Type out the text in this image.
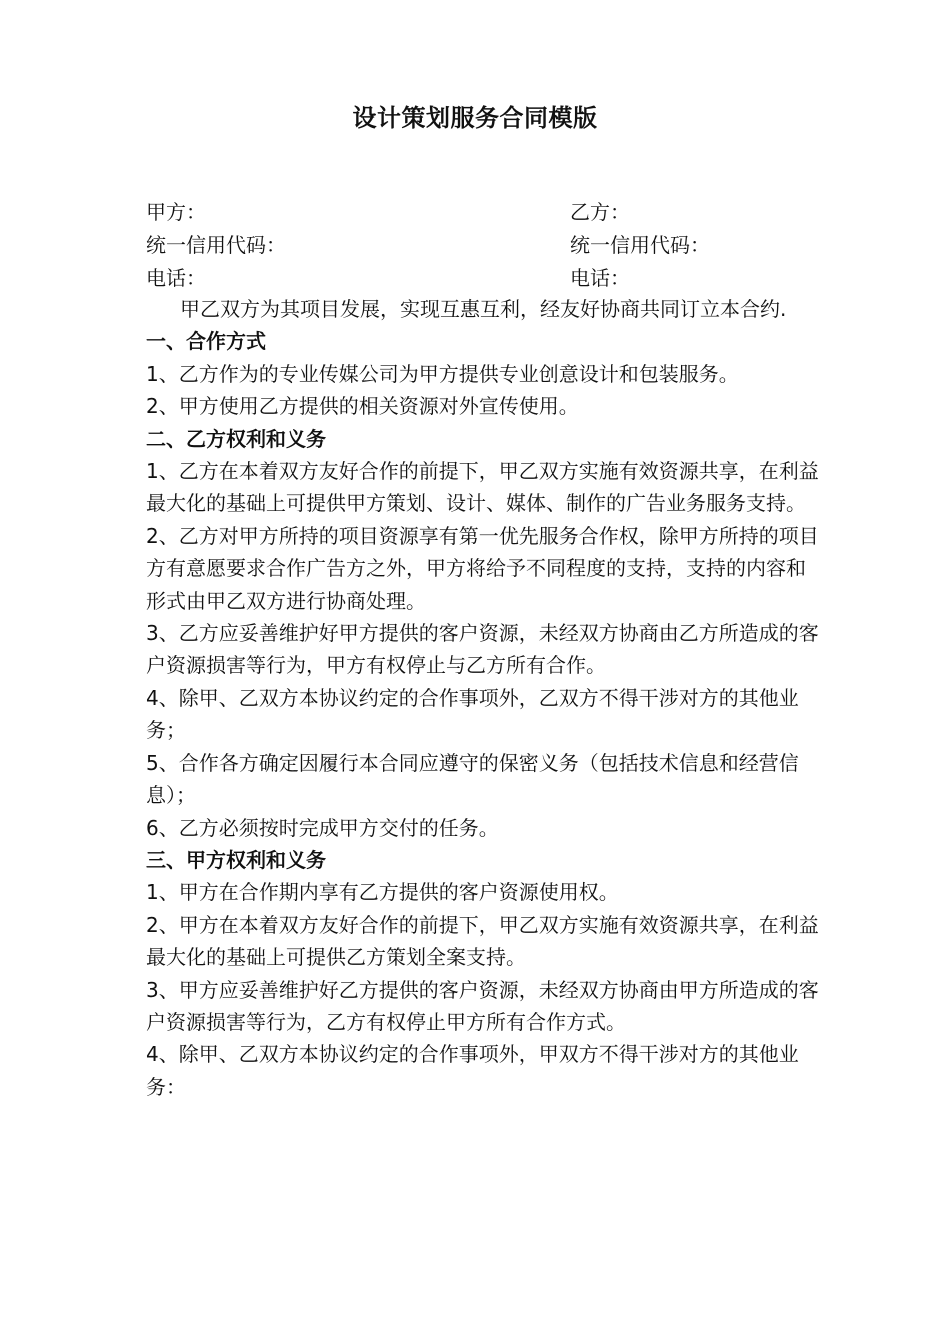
设计策划服务合同模版
甲方：	乙方：
统一信用代码：	统一信用代码：
电话：	电话：

甲乙双方为其项目发展，实现互惠互利，经友好协商共同订立本合约.

一、合作方式

1、乙方作为的专业传媒公司为甲方提供专业创意设计和包装服务。

2、甲方使用乙方提供的相关资源对外宣传使用。

二、乙方权利和义务

1、乙方在本着双方友好合作的前提下，甲乙双方实施有效资源共享，在利益最大化的基础上可提供甲方策划、设计、媒体、制作的广告业务服务支持。

2、乙方对甲方所持的项目资源享有第一优先服务合作权，除甲方所持的项目方有意愿要求合作广告方之外，甲方将给予不同程度的支持，支持的内容和形式由甲乙双方进行协商处理。

3、乙方应妥善维护好甲方提供的客户资源，未经双方协商由乙方所造成的客户资源损害等行为，甲方有权停止与乙方所有合作。

4、除甲、乙双方本协议约定的合作事项外，乙双方不得干涉对方的其他业务；

5、合作各方确定因履行本合同应遵守的保密义务（包括技术信息和经营信息）；

6、乙方必须按时完成甲方交付的任务。

三、甲方权利和义务

1、甲方在合作期内享有乙方提供的客户资源使用权。

2、甲方在本着双方友好合作的前提下，甲乙双方实施有效资源共享，在利益最大化的基础上可提供乙方策划全案支持。

3、甲方应妥善维护好乙方提供的客户资源，未经双方协商由甲方所造成的客户资源损害等行为，乙方有权停止甲方所有合作方式。

4、除甲、乙双方本协议约定的合作事项外，甲双方不得干涉对方的其他业务：
